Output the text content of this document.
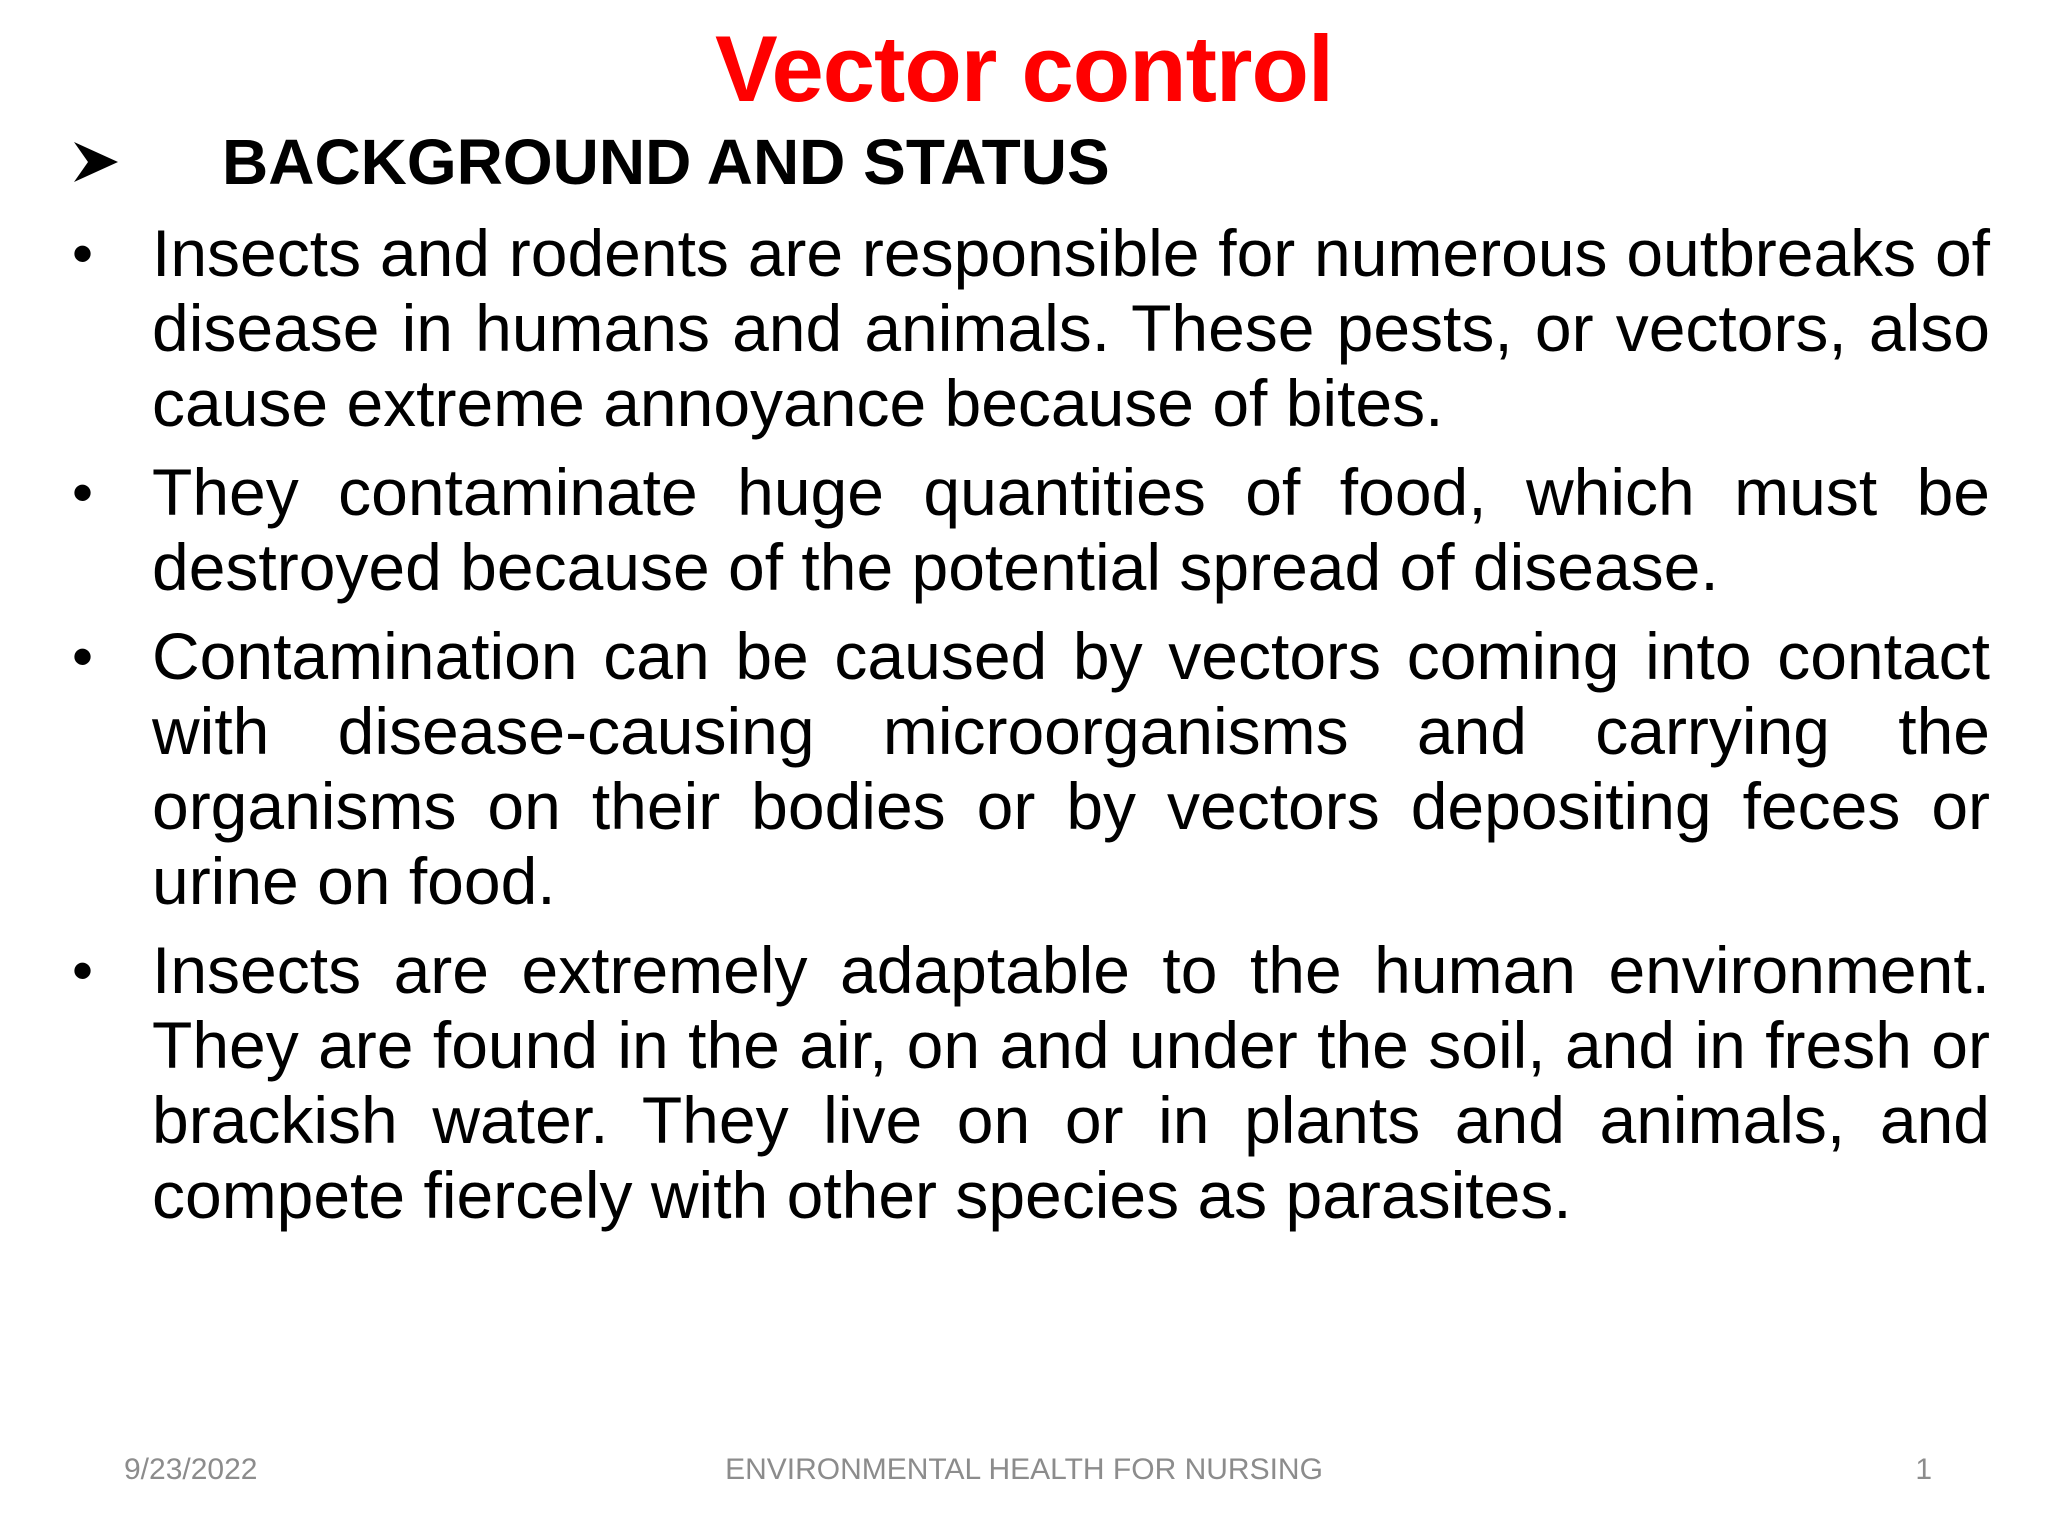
Vector control
BACKGROUND AND STATUS
• Insects and rodents are responsible for numerous outbreaks of disease in humans and animals. These pests, or vectors, also cause extreme annoyance because of bites.
• They contaminate huge quantities of food, which must be destroyed because of the potential spread of disease.
• Contamination can be caused by vectors coming into contact with disease-causing microorganisms and carrying the organisms on their bodies or by vectors depositing feces or urine on food.
• Insects are extremely adaptable to the human environment. They are found in the air, on and under the soil, and in fresh or brackish water. They live on or in plants and animals, and compete fiercely with other species as parasites.
9/23/2022	ENVIRONMENTAL HEALTH FOR NURSING	1
